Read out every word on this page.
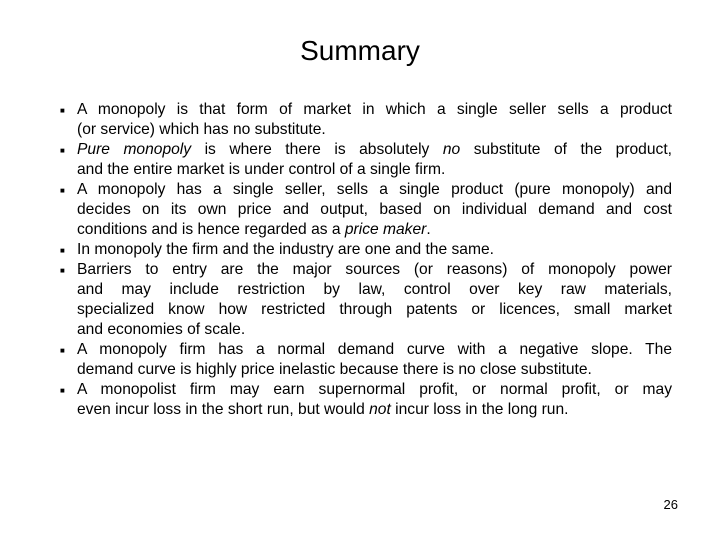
Summary
■ A monopoly is that form of market in which a single seller sells a product
(or service) which has no substitute.
■ Pure monopoly is where there is absolutely no substitute of the product,
and the entire market is under control of a single firm.
■ A monopoly has a single seller, sells a single product (pure monopoly) and
decides on its own price and output, based on individual demand and cost
conditions and is hence regarded as a price maker.
■ In monopoly the firm and the industry are one and the same.
■ Barriers to entry are the major sources (or reasons) of monopoly power
and may include restriction by law, control over key raw materials,
specialized know how restricted through patents or licences, small market
and economies of scale.
■ A monopoly firm has a normal demand curve with a negative slope. The
demand curve is highly price inelastic because there is no close substitute.
■ A monopolist firm may earn supernormal profit, or normal profit, or may
even incur loss in the short run, but would not incur loss in the long run.
26
